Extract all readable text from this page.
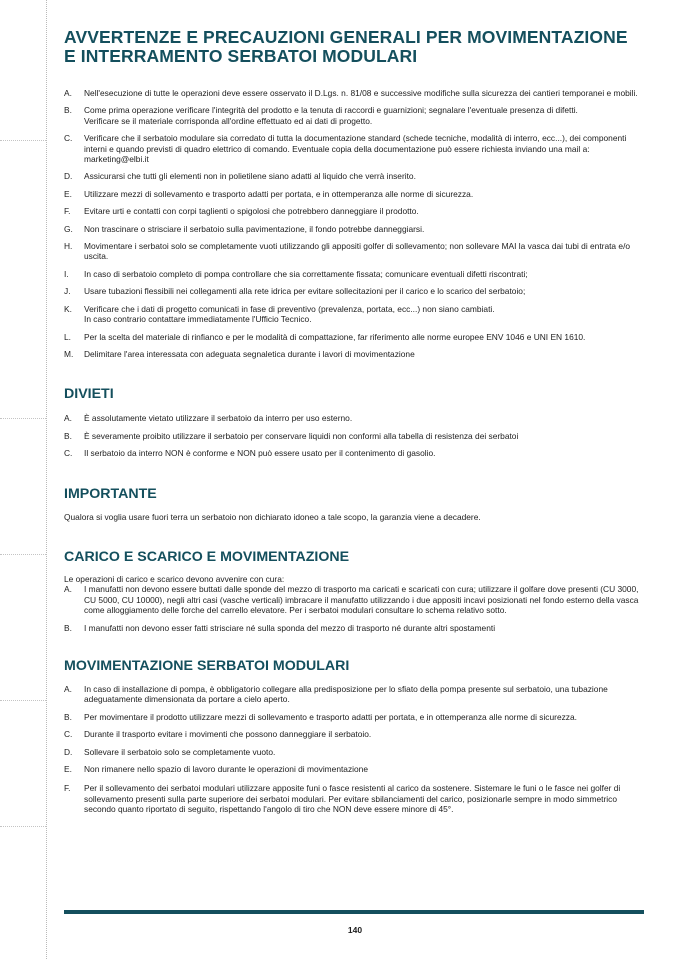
AVVERTENZE E PRECAUZIONI GENERALI PER MOVIMENTAZIONE E INTERRAMENTO SERBATOI MODULARI
A. Nell'esecuzione di tutte le operazioni deve essere osservato il D.Lgs. n. 81/08 e successive modifiche sulla sicurezza dei cantieri temporanei e mobili.
B. Come prima operazione verificare l'integrità del prodotto e la tenuta di raccordi e guarnizioni; segnalare l'eventuale presenza di difetti.
Verificare se il materiale corrisponda all'ordine effettuato ed ai dati di progetto.
C. Verificare che il serbatoio modulare sia corredato di tutta la documentazione standard (schede tecniche, modalità di interro, ecc...), dei componenti interni e quando previsti di quadro elettrico di comando. Eventuale copia della documentazione può essere richiesta inviando una mail a: marketing@elbi.it
D. Assicurarsi che tutti gli elementi non in polietilene siano adatti al liquido che verrà inserito.
E. Utilizzare mezzi di sollevamento e trasporto adatti per portata, e in ottemperanza alle norme di sicurezza.
F. Evitare urti e contatti con corpi taglienti o spigolosi che potrebbero danneggiare il prodotto.
G. Non trascinare o strisciare il serbatoio sulla pavimentazione, il fondo potrebbe danneggiarsi.
H. Movimentare i serbatoi solo se completamente vuoti utilizzando gli appositi golfer di sollevamento; non sollevare MAI la vasca dai tubi di entrata e/o uscita.
I. In caso di serbatoio completo di pompa controllare che sia correttamente fissata; comunicare eventuali difetti riscontrati;
J. Usare tubazioni flessibili nei collegamenti alla rete idrica per evitare sollecitazioni per il carico e lo scarico del serbatoio;
K. Verificare che i dati di progetto comunicati in fase di preventivo (prevalenza, portata, ecc...) non siano cambiati.
In caso contrario contattare immediatamente l'Ufficio Tecnico.
L. Per la scelta del materiale di rinfianco e per le modalità di compattazione, far riferimento alle norme europee ENV 1046 e UNI EN 1610.
M. Delimitare l'area interessata con adeguata segnaletica durante i lavori di movimentazione
DIVIETI
A. È assolutamente vietato utilizzare il serbatoio da interro per uso esterno.
B. È severamente proibito utilizzare il serbatoio per conservare liquidi non conformi alla tabella di resistenza dei serbatoi
C. Il serbatoio da interro NON è conforme e NON può essere usato per il contenimento di gasolio.
IMPORTANTE

Qualora si voglia usare fuori terra un serbatoio non dichiarato idoneo a tale scopo, la garanzia viene a decadere.

CARICO E SCARICO E MOVIMENTAZIONE

Le operazioni di carico e scarico devono avvenire con cura:

A. I manufatti non devono essere buttati dalle sponde del mezzo di trasporto ma caricati e scaricati con cura; utilizzare il golfare dove presenti (CU 3000, CU 5000, CU 10000), negli altri casi (vasche verticali) imbracare il manufatto utilizzando i due appositi incavi posizionati nel fondo esterno della vasca come alloggiamento delle forche del carrello elevatore. Per i serbatoi modulari consultare lo schema relativo sotto.
B. I manufatti non devono esser fatti strisciare né sulla sponda del mezzo di trasporto né durante altri spostamenti
MOVIMENTAZIONE SERBATOI MODULARI
A. In caso di installazione di pompa, è obbligatorio collegare alla predisposizione per lo sfiato della pompa presente sul serbatoio, una tubazione adeguatamente dimensionata da portare a cielo aperto.
B. Per movimentare il prodotto utilizzare mezzi di sollevamento e trasporto adatti per portata, e in ottemperanza alle norme di sicurezza.
C. Durante il trasporto evitare i movimenti che possono danneggiare il serbatoio.
D. Sollevare il serbatoio solo se completamente vuoto.
E. Non rimanere nello spazio di lavoro durante le operazioni di movimentazione
F. Per il sollevamento dei serbatoi modulari utilizzare apposite funi o fasce resistenti al carico da sostenere. Sistemare le funi o le fasce nei golfer di sollevamento presenti sulla parte superiore dei serbatoi modulari. Per evitare sbilanciamenti del carico, posizionarle sempre in modo simmetrico secondo quanto riportato di seguito, rispettando l'angolo di tiro che NON deve essere minore di 45°.
140
